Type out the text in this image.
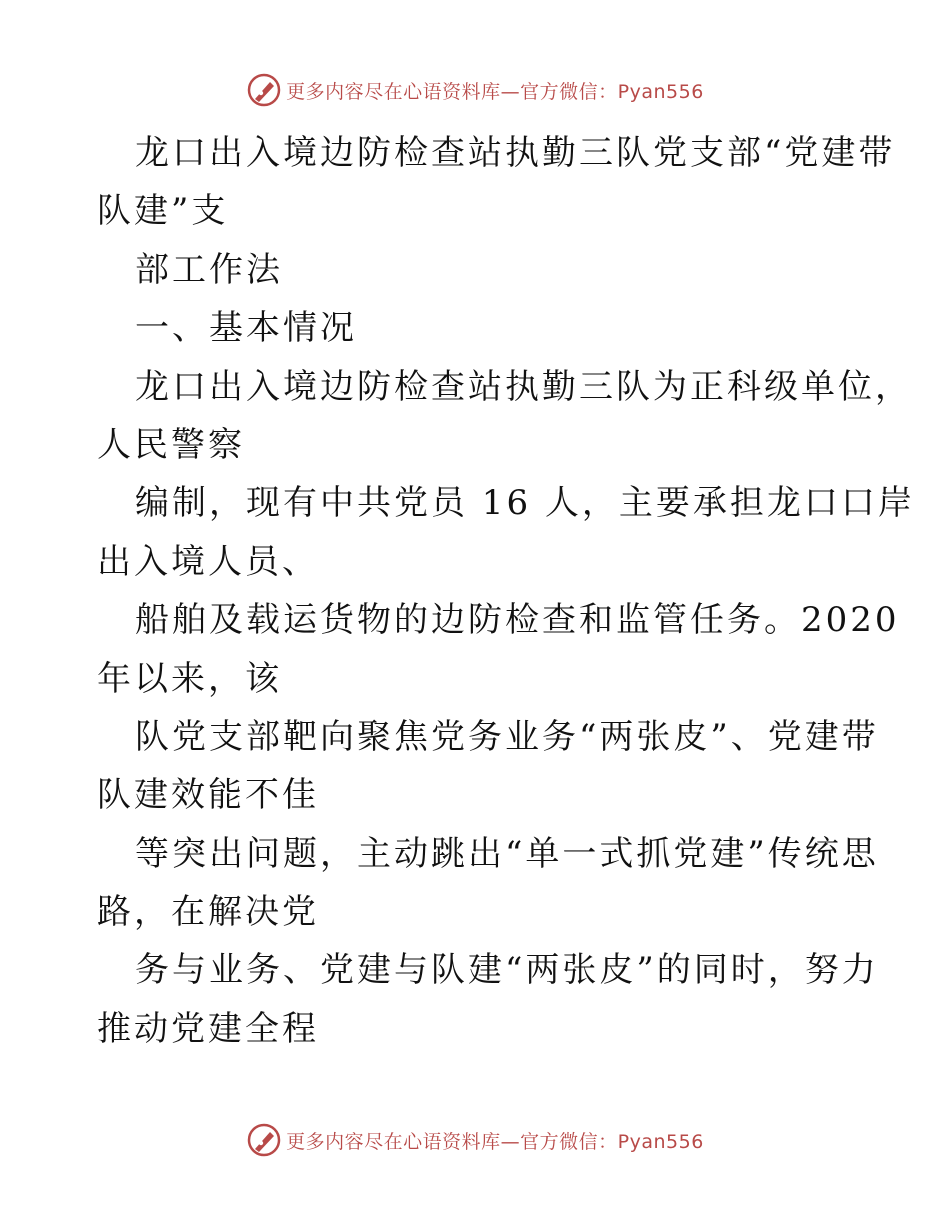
更多内容尽在心语资料库—官方微信：Pyan556
龙口出入境边防检查站执勤三队党支部“党建带
队建”支
部工作法
一、基本情况
龙口出入境边防检查站执勤三队为正科级单位，
人民警察
编制，现有中共党员 16 人，主要承担龙口口岸
出入境人员、
船舶及载运货物的边防检查和监管任务。2020
年以来，该
队党支部靶向聚焦党务业务“两张皮”、党建带
队建效能不佳
等突出问题，主动跳出“单一式抓党建”传统思
路，在解决党
务与业务、党建与队建“两张皮”的同时，努力
推动党建全程
更多内容尽在心语资料库—官方微信：Pyan556
